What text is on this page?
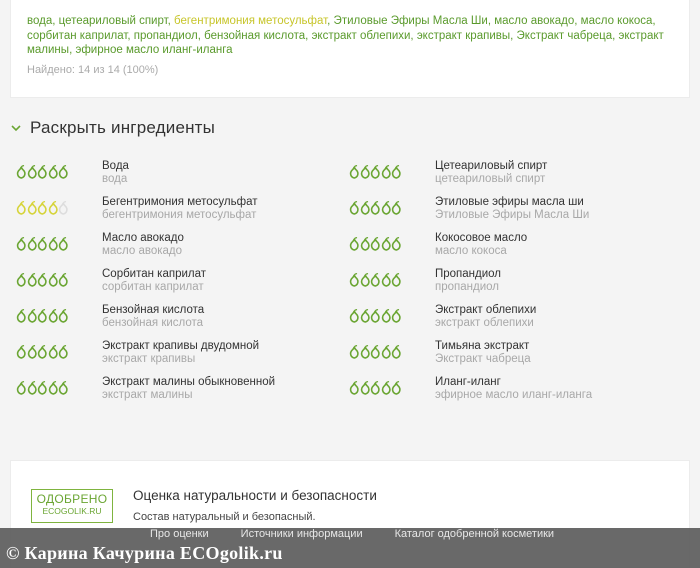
вода, цетеариловый спирт, бегентримония метосульфат, Этиловые Эфиры Масла Ши, масло авокадо, масло кокоса, сорбитан каприлат, пропандиол, бензойная кислота, экстракт облепихи, экстракт крапивы, Экстракт чабреца, экстракт малины, эфирное масло иланг-иланга
Найдено: 14 из 14 (100%)
Раскрыть ингредиенты
Вода
вода
Бегентримония метосульфат
бегентримония метосульфат
Масло авокадо
масло авокадо
Сорбитан каприлат
сорбитан каприлат
Бензойная кислота
бензойная кислота
Экстракт крапивы двудомной
экстракт крапивы
Экстракт малины обыкновенной
экстракт малины
Цетеариловый спирт
цетеариловый спирт
Этиловые эфиры масла ши
Этиловые Эфиры Масла Ши
Кокосовое масло
масло кокоса
Пропандиол
пропандиол
Экстракт облепихи
экстракт облепихи
Тимьяна экстракт
Экстракт чабреца
Иланг-иланг
эфирное масло иланг-иланга
ОДОБРЕНО
ECOGOLIK.RU
Оценка натуральности и безопасности
Состав натуральный и безопасный.
Про оценки	Источники информации	Каталог одобренной косметики
© Карина Качурина ECOgolik.ru
